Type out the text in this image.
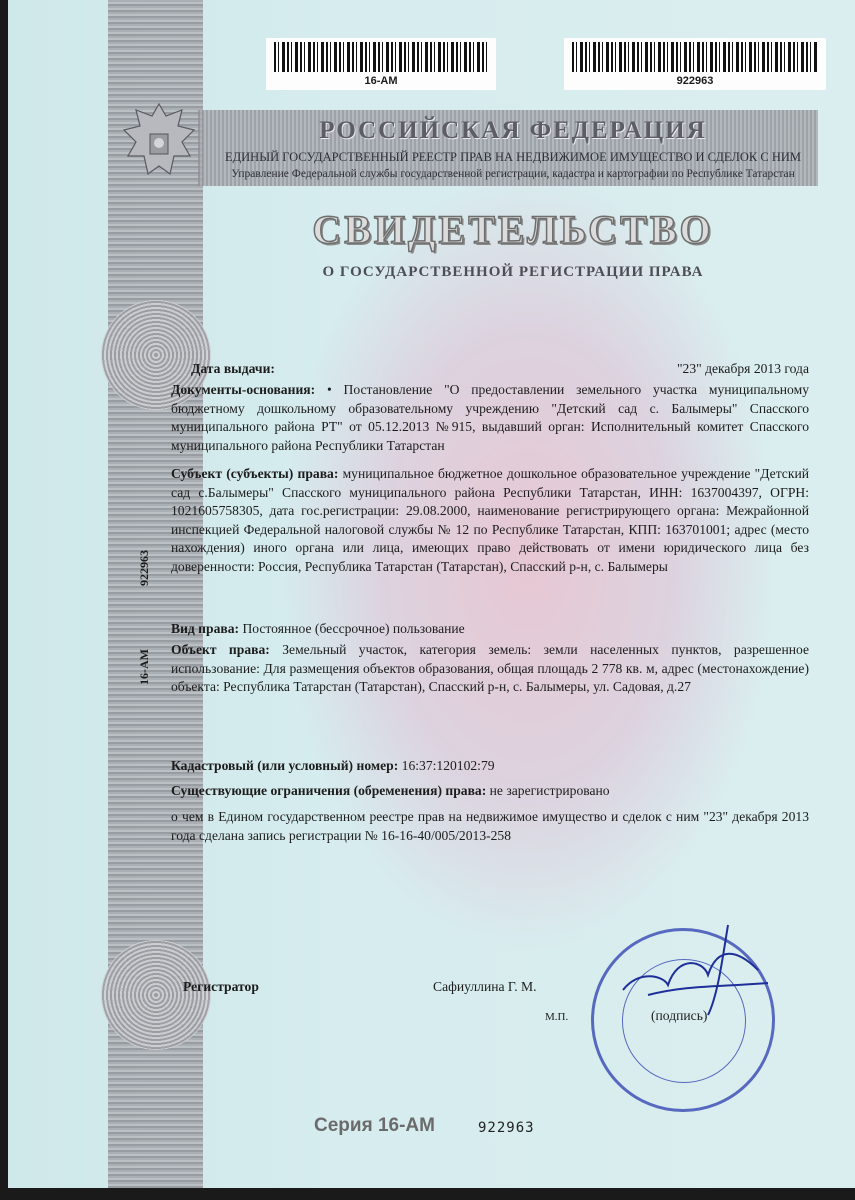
16-АМ	922963
РОССИЙСКАЯ ФЕДЕРАЦИЯ
ЕДИНЫЙ ГОСУДАРСТВЕННЫЙ РЕЕСТР ПРАВ НА НЕДВИЖИМОЕ ИМУЩЕСТВО И СДЕЛОК С НИМ
Управление Федеральной службы государственной регистрации, кадастра и картографии по Республике Татарстан
СВИДЕТЕЛЬСТВО
О ГОСУДАРСТВЕННОЙ РЕГИСТРАЦИИ ПРАВА
Дата выдачи:	"23" декабря 2013 года
Документы-основания: • Постановление "О предоставлении земельного участка муниципальному бюджетному дошкольному образовательному учреждению "Детский сад с. Балымеры" Спасского муниципального района РТ" от 05.12.2013 №915, выдавший орган: Исполнительный комитет Спасского муниципального района Республики Татарстан
Субъект (субъекты) права: муниципальное бюджетное дошкольное образовательное учреждение "Детский сад с.Балымеры" Спасского муниципального района Республики Татарстан, ИНН: 1637004397, ОГРН: 1021605758305, дата гос.регистрации: 29.08.2000, наименование регистрирующего органа: Межрайонной инспекцией Федеральной налоговой службы № 12 по Республике Татарстан, КПП: 163701001; адрес (место нахождения) иного органа или лица, имеющих право действовать от имени юридического лица без доверенности: Россия, Республика Татарстан (Татарстан), Спасский р-н, с. Балымеры
Вид права: Постоянное (бессрочное) пользование
Объект права: Земельный участок, категория земель: земли населенных пунктов, разрешенное использование: Для размещения объектов образования, общая площадь 2 778 кв. м, адрес (местонахождение) объекта: Республика Татарстан (Татарстан), Спасский р-н, с. Балымеры, ул. Садовая, д.27
Кадастровый (или условный) номер: 16:37:120102:79
Существующие ограничения (обременения) права: не зарегистрировано
о чем в Едином государственном реестре прав на недвижимое имущество и сделок с ним "23" декабря 2013 года сделана запись регистрации № 16-16-40/005/2013-258
16-АМ 922963
Регистратор	Сафиуллина Г. М.
М.П.	(подпись)
Серия 16-АМ	922963
